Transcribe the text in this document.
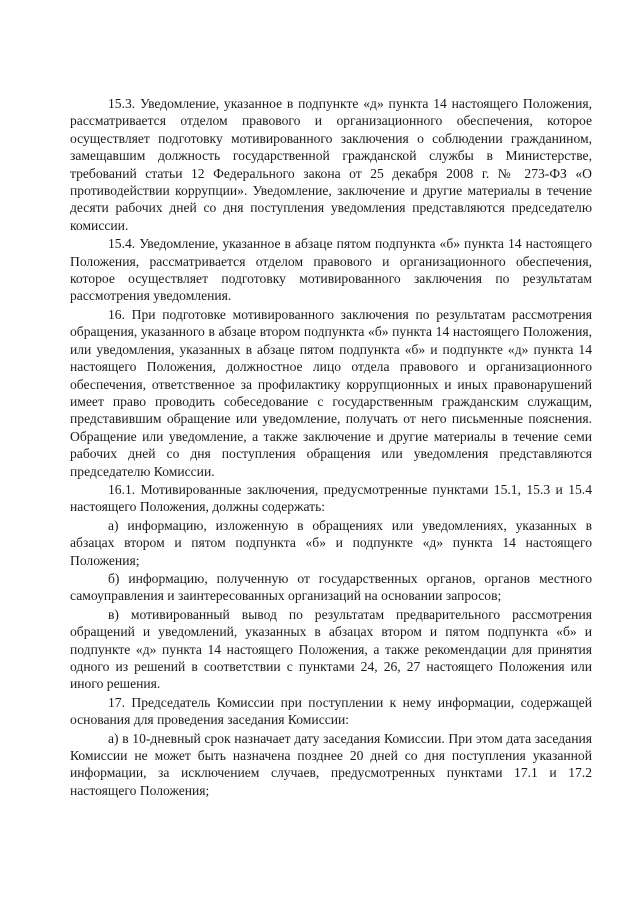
15.3. Уведомление, указанное в подпункте «д» пункта 14 настоящего Положения, рассматривается отделом правового и организационного обеспечения, которое осуществляет подготовку мотивированного заключения о соблюдении гражданином, замещавшим должность государственной гражданской службы в Министерстве, требований статьи 12 Федерального закона от 25 декабря 2008 г. № 273-ФЗ «О противодействии коррупции». Уведомление, заключение и другие материалы в течение десяти рабочих дней со дня поступления уведомления представляются председателю комиссии.

15.4. Уведомление, указанное в абзаце пятом подпункта «б» пункта 14 настоящего Положения, рассматривается отделом правового и организационного обеспечения, которое осуществляет подготовку мотивированного заключения по результатам рассмотрения уведомления.

16. При подготовке мотивированного заключения по результатам рассмотрения обращения, указанного в абзаце втором подпункта «б» пункта 14 настоящего Положения, или уведомления, указанных в абзаце пятом подпункта «б» и подпункте «д» пункта 14 настоящего Положения, должностное лицо отдела правового и организационного обеспечения, ответственное за профилактику коррупционных и иных правонарушений имеет право проводить собеседование с государственным гражданским служащим, представившим обращение или уведомление, получать от него письменные пояснения. Обращение или уведомление, а также заключение и другие материалы в течение семи рабочих дней со дня поступления обращения или уведомления представляются председателю Комиссии.

16.1. Мотивированные заключения, предусмотренные пунктами 15.1, 15.3 и 15.4 настоящего Положения, должны содержать:

а) информацию, изложенную в обращениях или уведомлениях, указанных в абзацах втором и пятом подпункта «б» и подпункте «д» пункта 14 настоящего Положения;

б) информацию, полученную от государственных органов, органов местного самоуправления и заинтересованных организаций на основании запросов;

в) мотивированный вывод по результатам предварительного рассмотрения обращений и уведомлений, указанных в абзацах втором и пятом подпункта «б» и подпункте «д» пункта 14 настоящего Положения, а также рекомендации для принятия одного из решений в соответствии с пунктами 24, 26, 27 настоящего Положения или иного решения.

17. Председатель Комиссии при поступлении к нему информации, содержащей основания для проведения заседания Комиссии:

а) в 10-дневный срок назначает дату заседания Комиссии. При этом дата заседания Комиссии не может быть назначена позднее 20 дней со дня поступления указанной информации, за исключением случаев, предусмотренных пунктами 17.1 и 17.2 настоящего Положения;
